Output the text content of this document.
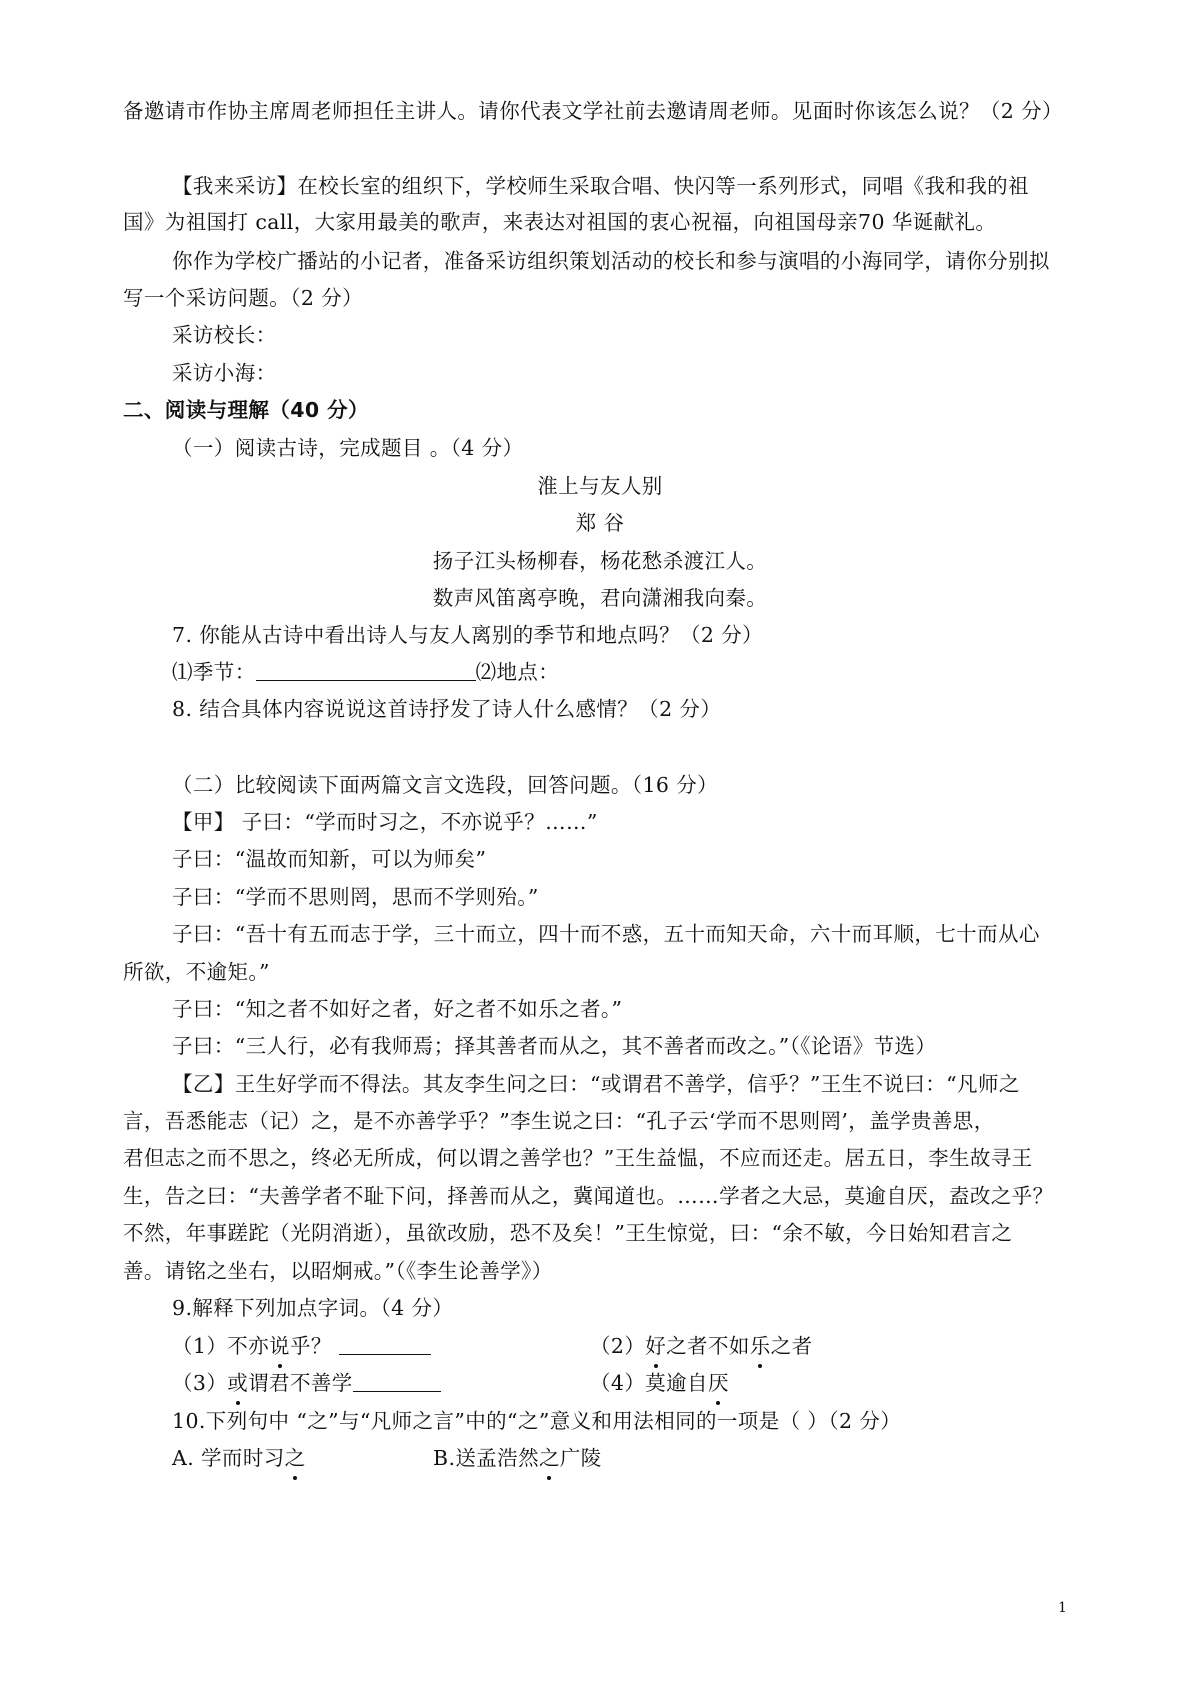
备邀请市作协主席周老师担任主讲人。请你代表文学社前去邀请周老师。见面时你该怎么说？（2 分）
【我来采访】在校长室的组织下，学校师生采取合唱、快闪等一系列形式，同唱《我和我的祖
国》为祖国打 call，大家用最美的歌声，来表达对祖国的衷心祝福，向祖国母亲70 华诞献礼。
你作为学校广播站的小记者，准备采访组织策划活动的校长和参与演唱的小海同学，请你分别拟
写一个采访问题。（2 分）
采访校长：
采访小海：
二、阅读与理解（40 分）
（一）阅读古诗，完成题目 。（4 分）
淮上与友人别
郑 谷
扬子江头杨柳春，杨花愁杀渡江人。
数声风笛离亭晚，君向潇湘我向秦。
7. 你能从古诗中看出诗人与友人离别的季节和地点吗？（2 分）
⑴季节：	⑵地点：
8. 结合具体内容说说这首诗抒发了诗人什么感情？（2 分）
（二）比较阅读下面两篇文言文选段，回答问题。（16 分）
【甲】 子曰：“学而时习之，不亦说乎？……”
子曰：“温故而知新，可以为师矣”
子曰：“学而不思则罔，思而不学则殆。”
子曰：“吾十有五而志于学，三十而立，四十而不惑，五十而知天命，六十而耳顺，七十而从心
所欲，不逾矩。”
子曰：“知之者不如好之者，好之者不如乐之者。”
子曰：“三人行，必有我师焉；择其善者而从之，其不善者而改之。”（《论语》节选）
【乙】王生好学而不得法。其友李生问之曰：“或谓君不善学，信乎？”王生不说曰：“凡师之
言，吾悉能志（记）之，是不亦善学乎？”李生说之曰：“孔子云‘学而不思则罔’，盖学贵善思，
君但志之而不思之，终必无所成，何以谓之善学也？”王生益愠，不应而还走。居五日，李生故寻王
生，告之曰：“夫善学者不耻下问，择善而从之，冀闻道也。……学者之大忌，莫逾自厌，盍改之乎？
不然，年事蹉跎（光阴消逝），虽欲改励，恐不及矣！”王生惊觉，曰：“余不敏，今日始知君言之
善。请铭之坐右，以昭炯戒。”（《李生论善学》）
9.解释下列加点字词。（4 分）
（1）不亦说乎？	（2）好之者不如乐之者
（3）或谓君不善学	（4）莫逾自厌
10.下列句中 “之”与“凡师之言”中的“之”意义和用法相同的一项是（ ）（2 分）
A. 学而时习之	B.送孟浩然之广陵
1
